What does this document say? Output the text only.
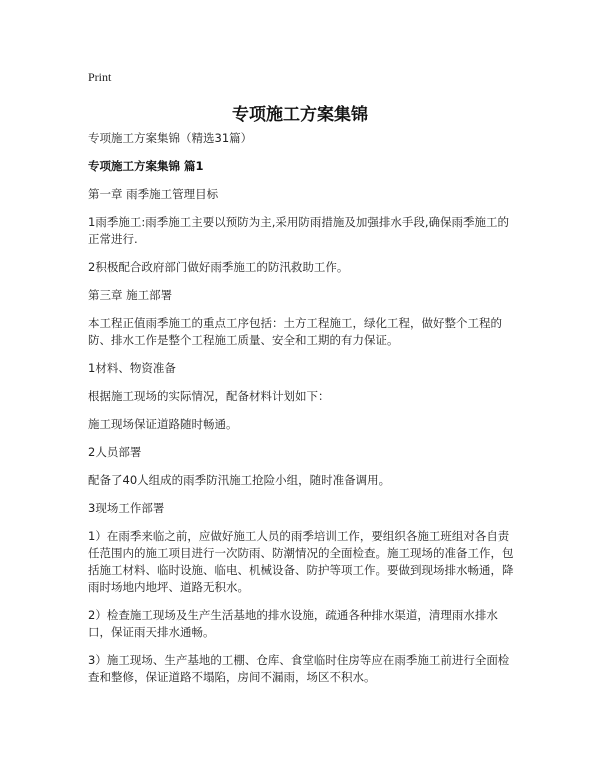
Print
专项施工方案集锦

专项施工方案集锦（精选31篇）

专项施工方案集锦 篇1

第一章 雨季施工管理目标

1雨季施工:雨季施工主要以预防为主,采用防雨措施及加强排水手段,确保雨季施工的正常进行.

2积极配合政府部门做好雨季施工的防汛救助工作。

第三章 施工部署

本工程正值雨季施工的重点工序包括：土方工程施工，绿化工程，做好整个工程的防、排水工作是整个工程施工质量、安全和工期的有力保证。

1材料、物资准备

根据施工现场的实际情况，配备材料计划如下：

施工现场保证道路随时畅通。

2人员部署

配备了40人组成的雨季防汛施工抢险小组，随时准备调用。

3现场工作部署

1）在雨季来临之前，应做好施工人员的雨季培训工作，要组织各施工班组对各自责任范围内的施工项目进行一次防雨、防潮情况的全面检查。施工现场的准备工作，包括施工材料、临时设施、临电、机械设备、防护等项工作。要做到现场排水畅通，降雨时场地内地坪、道路无积水。

2）检查施工现场及生产生活基地的排水设施，疏通各种排水渠道，清理雨水排水口，保证雨天排水通畅。

3）施工现场、生产基地的工棚、仓库、食堂临时住房等应在雨季施工前进行全面检查和整修，保证道路不塌陷，房间不漏雨，场区不积水。
